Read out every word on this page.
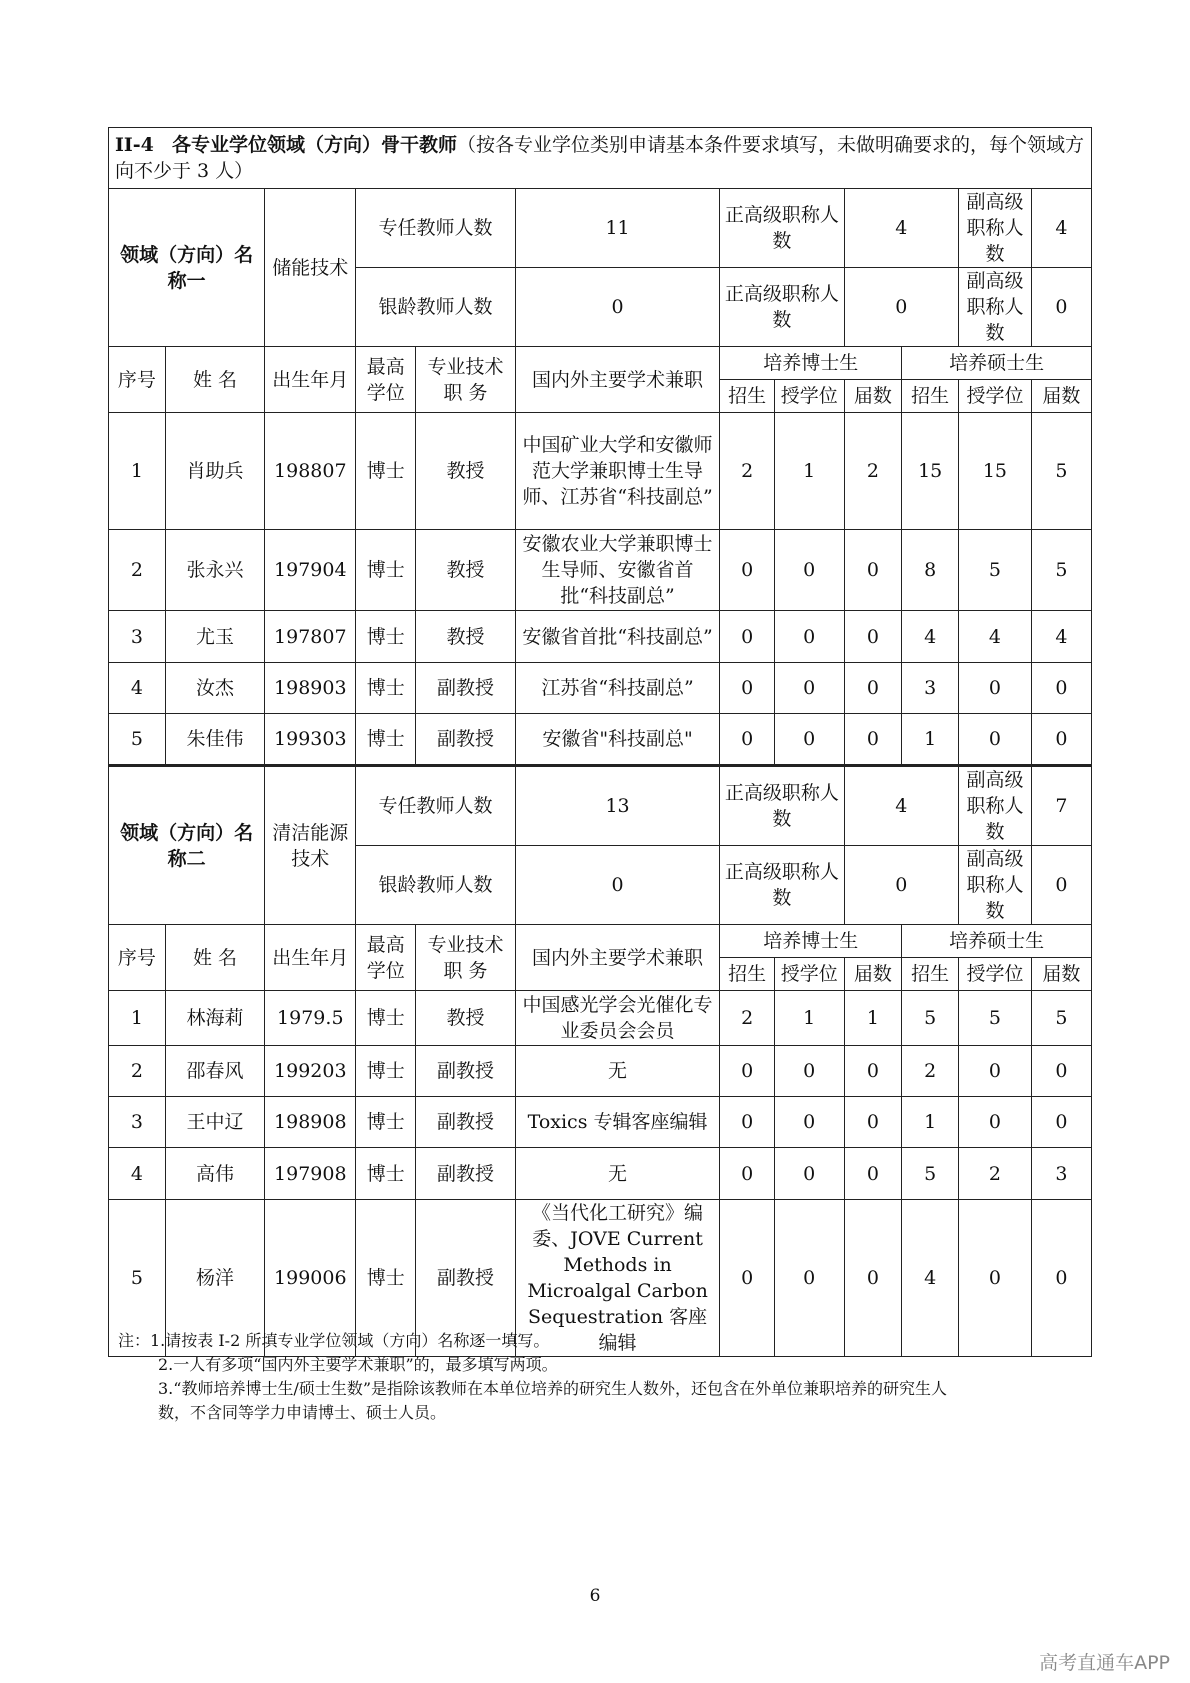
II-4 各专业学位领域（方向）骨干教师（按各专业学位类别申请基本条件要求填写，未做明确要求的，每个领域方向不少于 3 人）											
领域（方向）名称一		储能技术	专任教师人数		11	正高级职称人数		4		副高级职称人数	4
			银龄教师人数		0	正高级职称人数		0		副高级职称人数	0
序号	姓 名	出生年月	最高学位	专业技术职 务	国内外主要学术兼职	培养博士生			培养硕士生		
						招生	授学位	届数	招生	授学位	届数
1	肖助兵	198807	博士	教授	中国矿业大学和安徽师范大学兼职博士生导师、江苏省“科技副总”	2	1	2	15	15	5
2	张永兴	197904	博士	教授	安徽农业大学兼职博士生导师、安徽省首批“科技副总”	0	0	0	8	5	5
3	尤玉	197807	博士	教授	安徽省首批“科技副总”	0	0	0	4	4	4
4	汝杰	198903	博士	副教授	江苏省“科技副总”	0	0	0	3	0	0
5	朱佳伟	199303	博士	副教授	安徽省"科技副总"	0	0	0	1	0	0
领域（方向）名称二		清洁能源技术	专任教师人数		13	正高级职称人数		4		副高级职称人数	7
			银龄教师人数		0	正高级职称人数		0		副高级职称人数	0
序号	姓 名	出生年月	最高学位	专业技术职 务	国内外主要学术兼职	培养博士生			培养硕士生		
						招生	授学位	届数	招生	授学位	届数
1	林海莉	1979.5	博士	教授	中国感光学会光催化专业委员会会员	2	1	1	5	5	5
2	邵春风	199203	博士	副教授	无	0	0	0	2	0	0
3	王中辽	198908	博士	副教授	Toxics 专辑客座编辑	0	0	0	1	0	0
4	高伟	197908	博士	副教授	无	0	0	0	5	2	3
5	杨洋	199006	博士	副教授	《当代化工研究》编委、JOVE Current Methods in Microalgal Carbon Sequestration 客座编辑	0	0	0	4	0	0
注：1.请按表 I-2 所填专业学位领域（方向）名称逐一填写。
2.一人有多项“国内外主要学术兼职”的，最多填写两项。
3.“教师培养博士生/硕士生数”是指除该教师在本单位培养的研究生人数外，还包含在外单位兼职培养的研究生人
数，不含同等学力申请博士、硕士人员。
6
高考直通车APP
